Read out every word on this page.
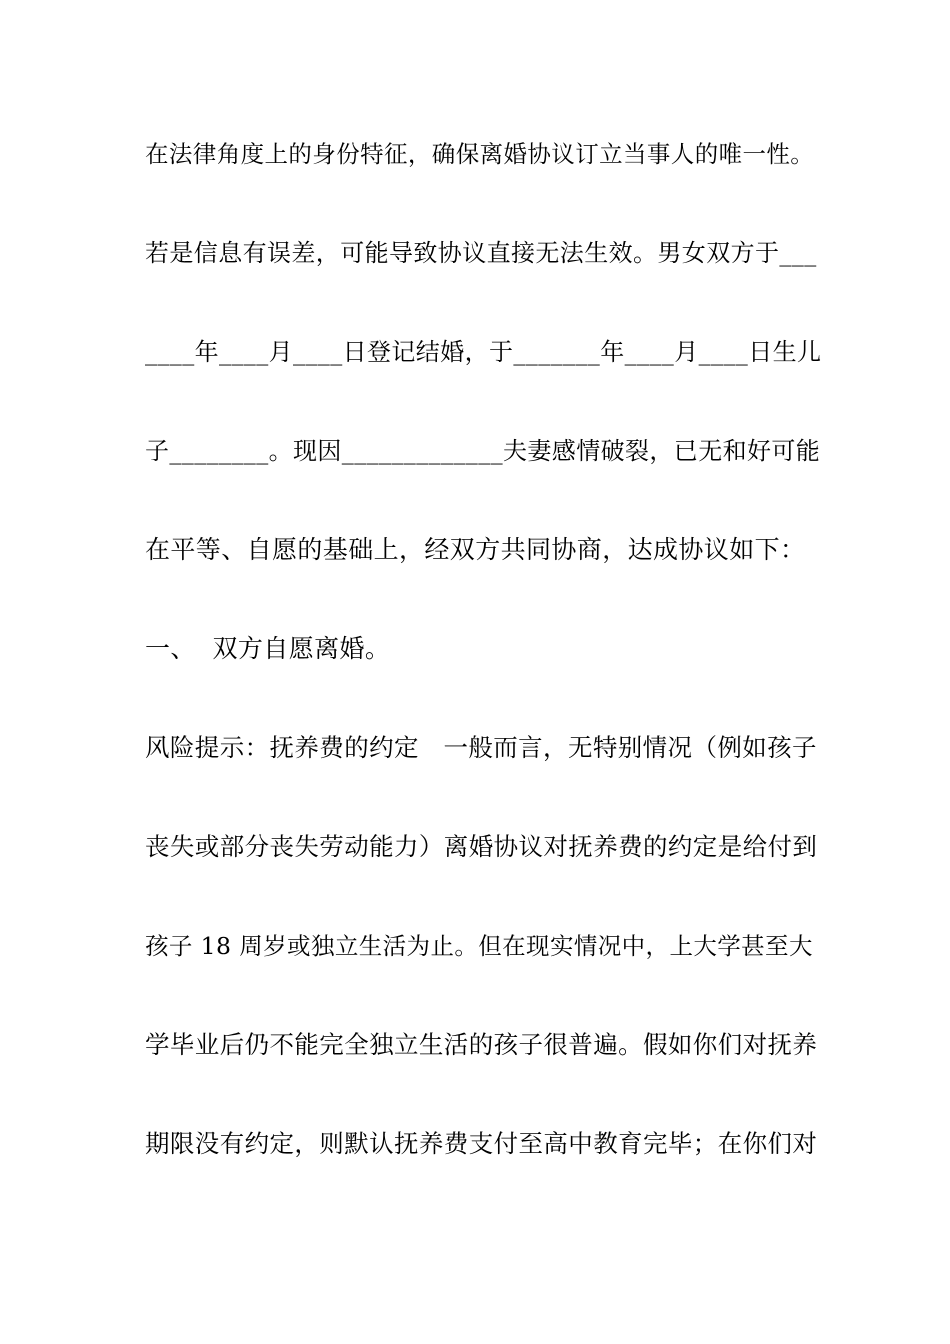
在法律角度上的身份特征，确保离婚协议订立当事人的唯一性。
若是信息有误差，可能导致协议直接无法生效。男女双方于___
____年____月____日登记结婚，于_______年____月____日生儿
子________。现因_____________夫妻感情破裂，已无和好可能
在平等、自愿的基础上，经双方共同协商，达成协议如下：
一、  双方自愿离婚。
风险提示：抚养费的约定   一般而言，无特别情况（例如孩子
丧失或部分丧失劳动能力）离婚协议对抚养费的约定是给付到
孩子 18 周岁或独立生活为止。但在现实情况中，上大学甚至大
学毕业后仍不能完全独立生活的孩子很普遍。假如你们对抚养
期限没有约定，则默认抚养费支付至高中教育完毕；在你们对
